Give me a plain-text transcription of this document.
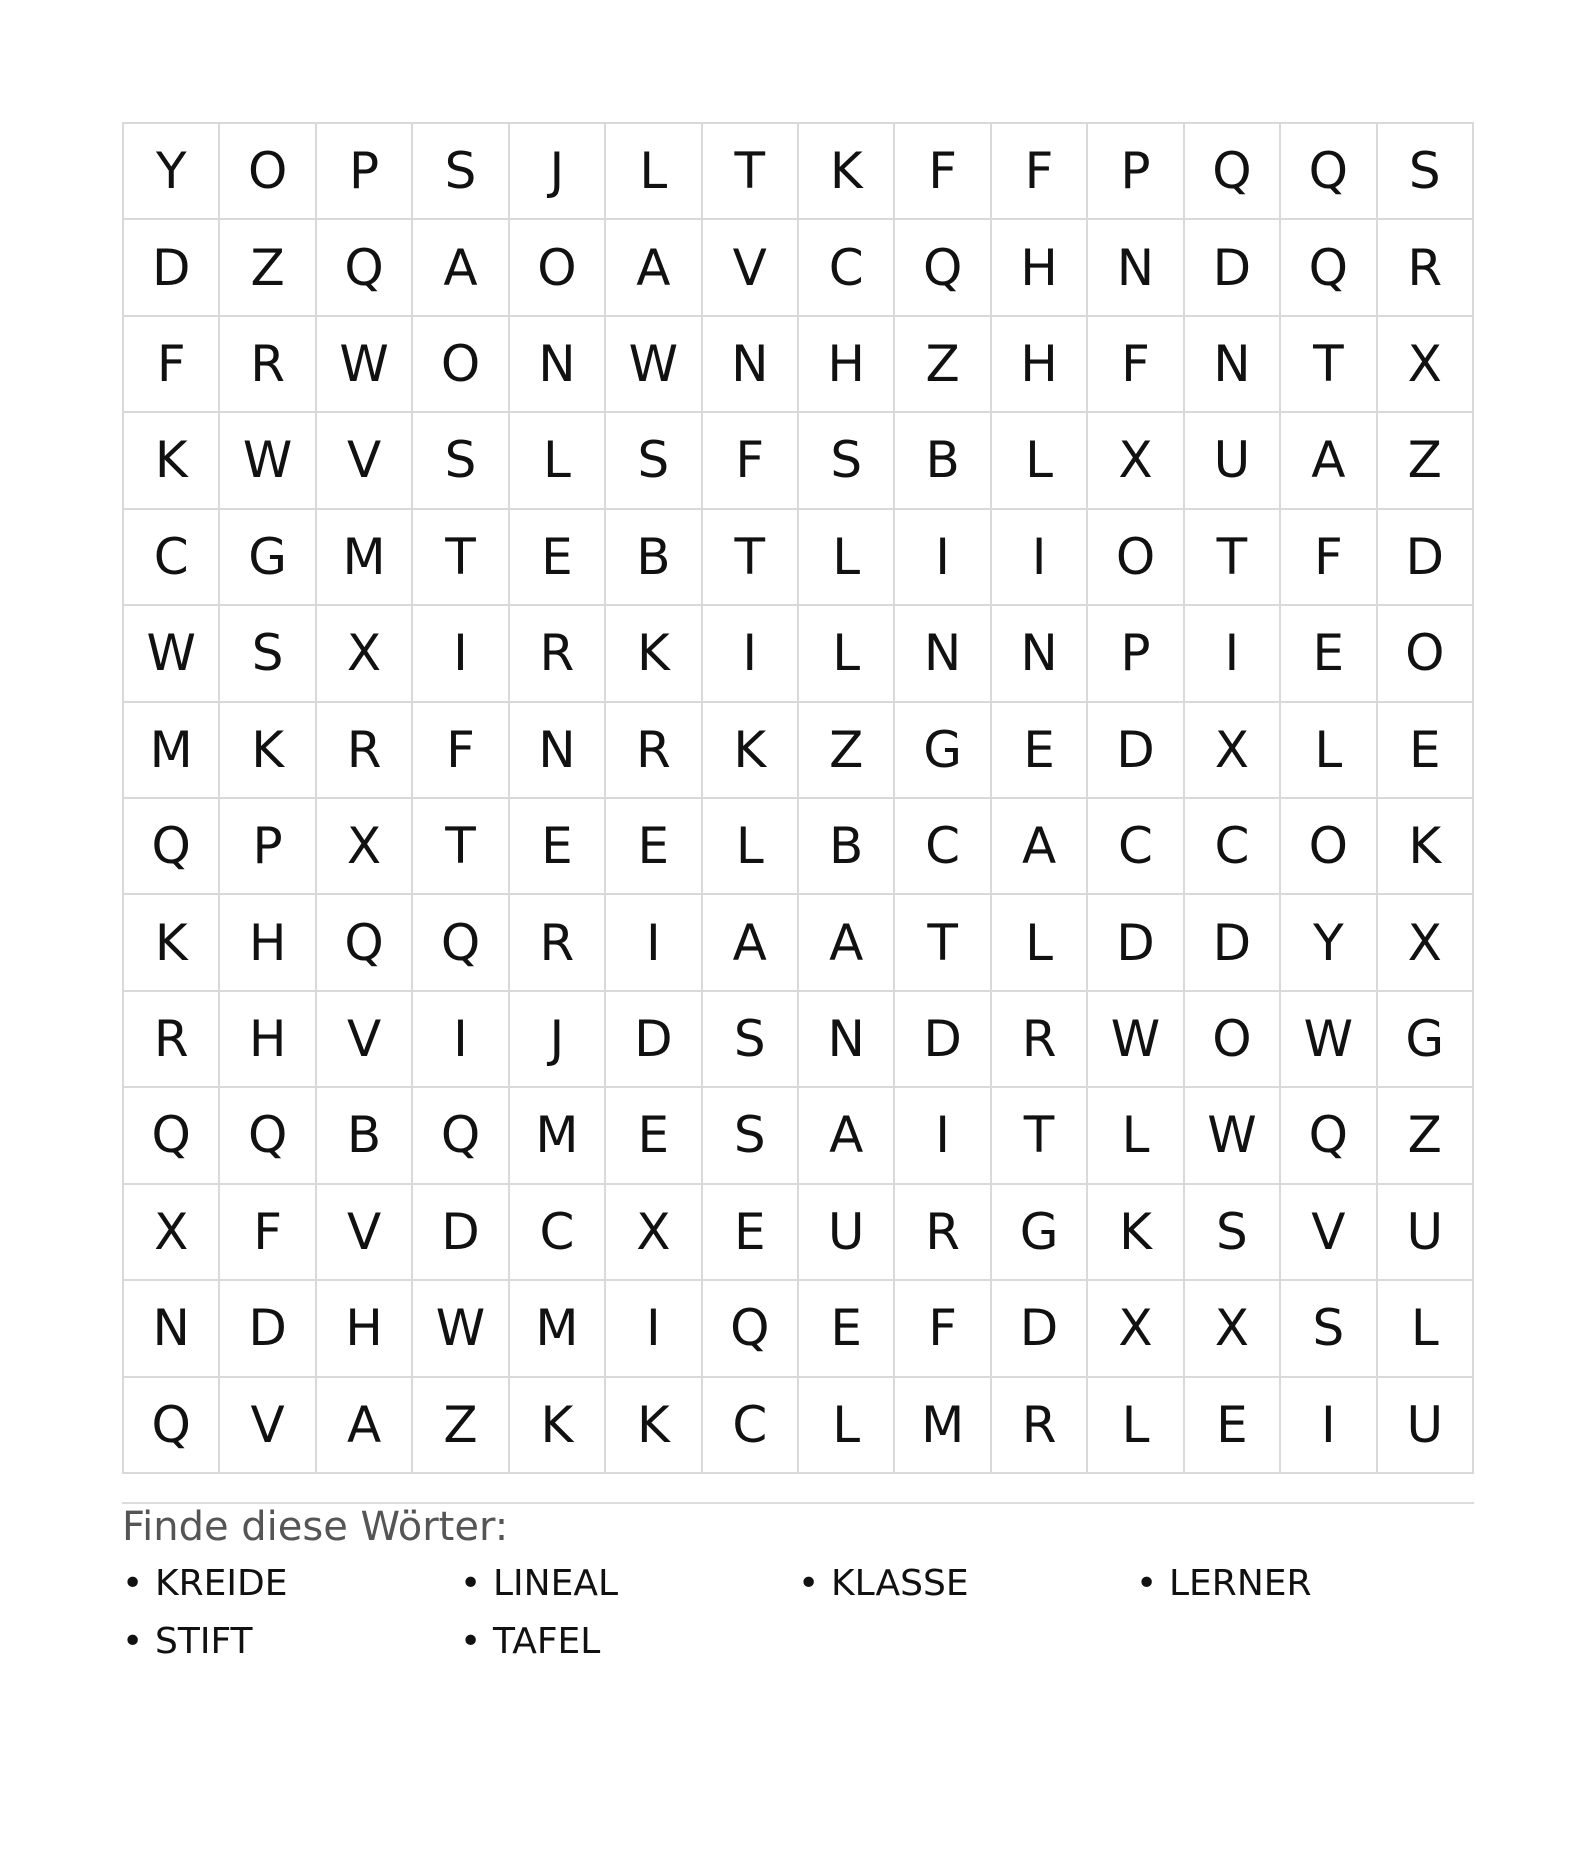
Y	O	P	S	J	L	T	K	F	F	P	Q	Q	S
D	Z	Q	A	O	A	V	C	Q	H	N	D	Q	R
F	R	W	O	N	W	N	H	Z	H	F	N	T	X
K	W	V	S	L	S	F	S	B	L	X	U	A	Z
C	G	M	T	E	B	T	L	I	I	O	T	F	D
W	S	X	I	R	K	I	L	N	N	P	I	E	O
M	K	R	F	N	R	K	Z	G	E	D	X	L	E
Q	P	X	T	E	E	L	B	C	A	C	C	O	K
K	H	Q	Q	R	I	A	A	T	L	D	D	Y	X
R	H	V	I	J	D	S	N	D	R	W	O	W	G
Q	Q	B	Q	M	E	S	A	I	T	L	W	Q	Z
X	F	V	D	C	X	E	U	R	G	K	S	V	U
N	D	H	W	M	I	Q	E	F	D	X	X	S	L
Q	V	A	Z	K	K	C	L	M	R	L	E	I	U
Finde diese Wörter:
• KREIDE	• LINEAL	• KLASSE	• LERNER
• STIFT	• TAFEL
